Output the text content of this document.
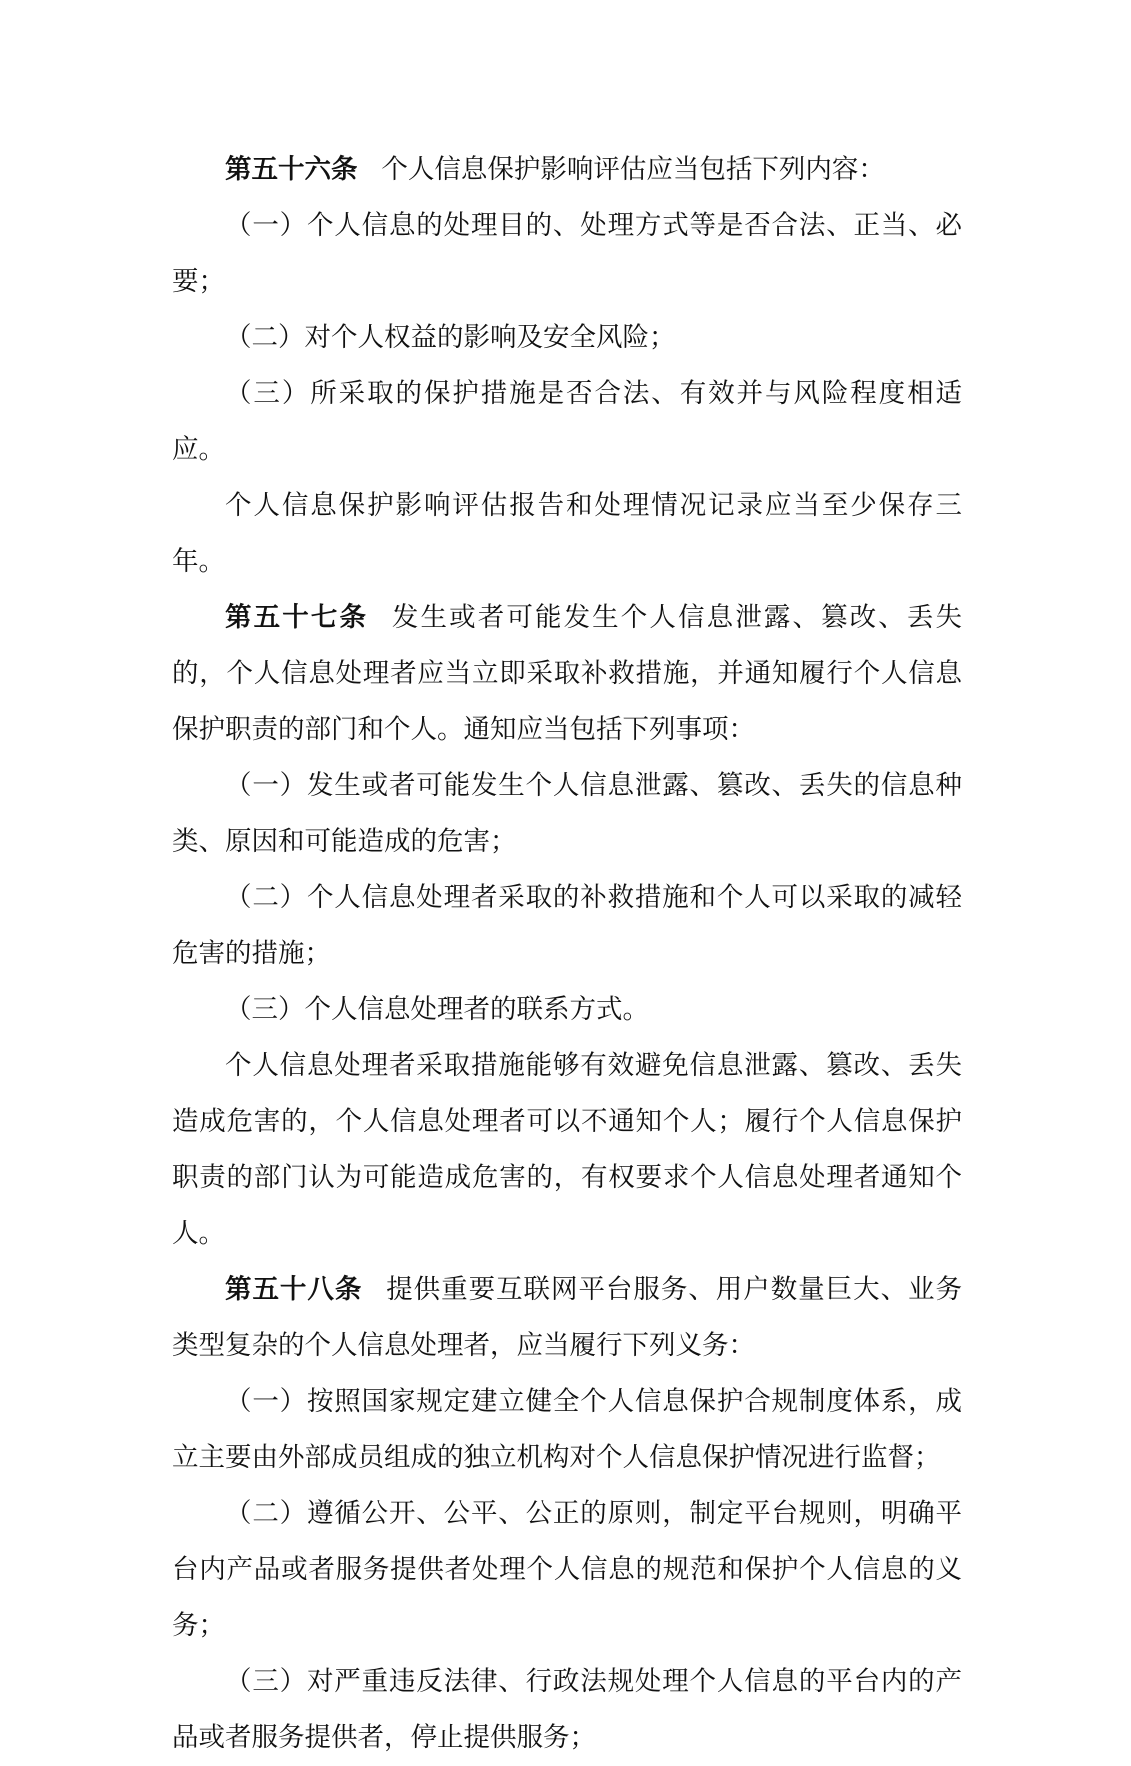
第五十六条 个人信息保护影响评估应当包括下列内容：

（一）个人信息的处理目的、处理方式等是否合法、正当、必要；

（二）对个人权益的影响及安全风险；

（三）所采取的保护措施是否合法、有效并与风险程度相适应。

个人信息保护影响评估报告和处理情况记录应当至少保存三年。

第五十七条 发生或者可能发生个人信息泄露、篡改、丢失的，个人信息处理者应当立即采取补救措施，并通知履行个人信息保护职责的部门和个人。通知应当包括下列事项：

（一）发生或者可能发生个人信息泄露、篡改、丢失的信息种类、原因和可能造成的危害；

（二）个人信息处理者采取的补救措施和个人可以采取的减轻危害的措施；

（三）个人信息处理者的联系方式。

个人信息处理者采取措施能够有效避免信息泄露、篡改、丢失造成危害的，个人信息处理者可以不通知个人；履行个人信息保护职责的部门认为可能造成危害的，有权要求个人信息处理者通知个人。

第五十八条 提供重要互联网平台服务、用户数量巨大、业务类型复杂的个人信息处理者，应当履行下列义务：

（一）按照国家规定建立健全个人信息保护合规制度体系，成立主要由外部成员组成的独立机构对个人信息保护情况进行监督；

（二）遵循公开、公平、公正的原则，制定平台规则，明确平台内产品或者服务提供者处理个人信息的规范和保护个人信息的义务；

（三）对严重违反法律、行政法规处理个人信息的平台内的产品或者服务提供者，停止提供服务；
